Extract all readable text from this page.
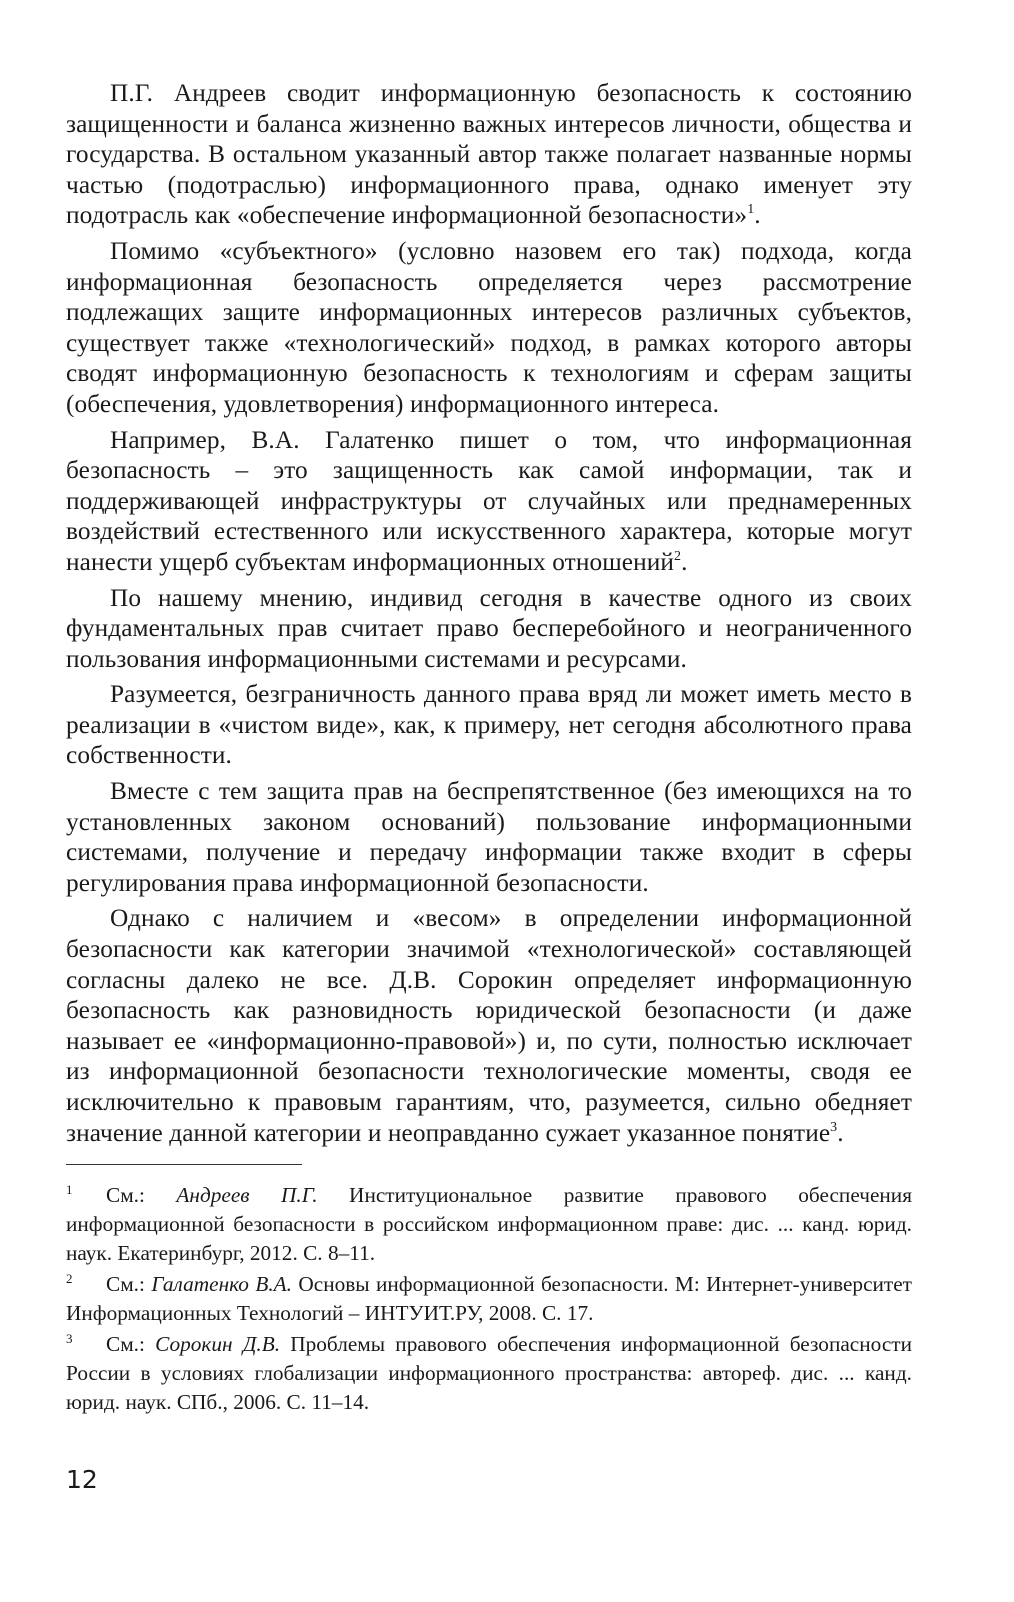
П.Г. Андреев сводит информационную безопасность к состоянию защищенности и баланса жизненно важных интересов личности, общества и государства. В остальном указанный автор также полагает названные нормы частью (подотраслью) информационного права, однако именует эту подотрасль как «обеспечение информационной безопасности»$^1$.

Помимо «субъектного» (условно назовем его так) подхода, когда информационная безопасность определяется через рассмотрение подлежащих защите информационных интересов различных субъектов, существует также «технологический» подход, в рамках которого авторы сводят информационную безопасность к технологиям и сферам защиты (обеспечения, удовлетворения) информационного интереса.

Например, В.А. Галатенко пишет о том, что информационная безопасность – это защищенность как самой информации, так и поддерживающей инфраструктуры от случайных или преднамеренных воздействий естественного или искусственного характера, которые могут нанести ущерб субъектам информационных отношений$^2$.

По нашему мнению, индивид сегодня в качестве одного из своих фундаментальных прав считает право бесперебойного и неограниченного пользования информационными системами и ресурсами.

Разумеется, безграничность данного права вряд ли может иметь место в реализации в «чистом виде», как, к примеру, нет сегодня абсолютного права собственности.

Вместе с тем защита прав на беспрепятственное (без имеющихся на то установленных законом оснований) пользование информационными системами, получение и передачу информации также входит в сферы регулирования права информационной безопасности.

Однако с наличием и «весом» в определении информационной безопасности как категории значимой «технологической» составляющей согласны далеко не все. Д.В. Сорокин определяет информационную безопасность как разновидность юридической безопасности (и даже называет ее «информационно-правовой») и, по сути, полностью исключает из информационной безопасности технологические моменты, сводя ее исключительно к правовым гарантиям, что, разумеется, сильно обедняет значение данной категории и неоправданно сужает указанное понятие$^3$.

1	См.: Андреев П.Г. Институциональное развитие правового обеспечения информационной безопасности в российском информационном праве: дис. ... канд. юрид. наук. Екатеринбург, 2012. С. 8–11.
2	См.: Галатенко В.А. Основы информационной безопасности. М: Интернет-университет Информационных Технологий – ИНТУИТ.РУ, 2008. С. 17.
3	См.: Сорокин Д.В. Проблемы правового обеспечения информационной безопасности России в условиях глобализации информационного пространства: автореф. дис. ... канд. юрид. наук. СПб., 2006. С. 11–14.
12
